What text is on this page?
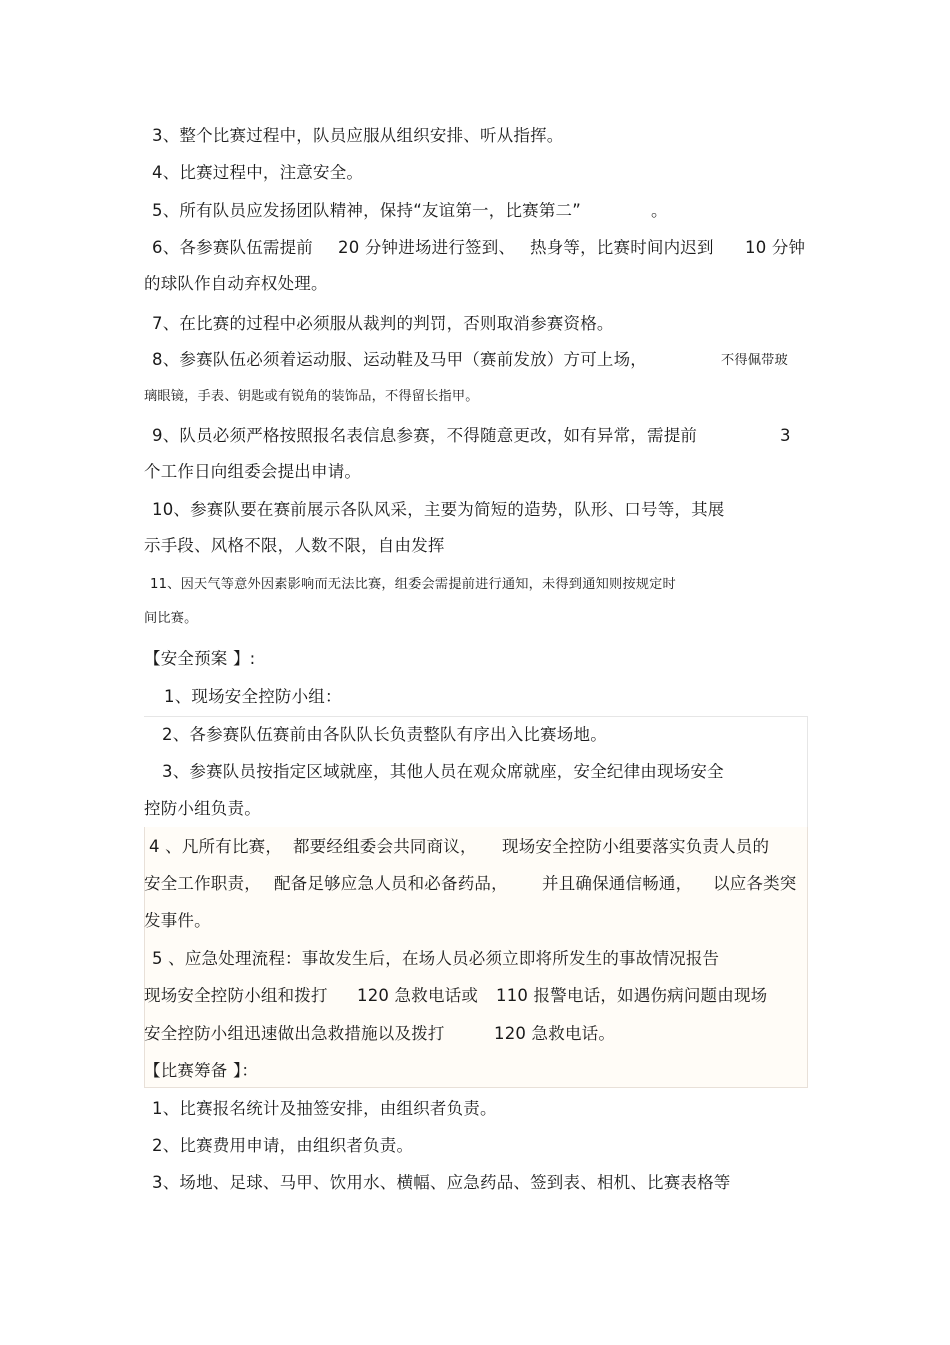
3、整个比赛过程中，队员应服从组织安排、听从指挥。
4、比赛过程中，注意安全。
5、所有队员应发扬团队精神，保持“友谊第一，比赛第二”	。
6、各参赛队伍需提前 20 分钟进场进行签到、 热身等，比赛时间内迟到 10 分钟
的球队作自动弃权处理。
7、在比赛的过程中必须服从裁判的判罚，否则取消参赛资格。
8、参赛队伍必须着运动服、运动鞋及马甲（赛前发放）方可上场，	不得佩带玻
璃眼镜，手表、钥匙或有锐角的装饰品，不得留长指甲。
9、队员必须严格按照报名表信息参赛，不得随意更改，如有异常，需提前	3
个工作日向组委会提出申请。
10、参赛队要在赛前展示各队风采，主要为简短的造势，队形、口号等，其展
示手段、风格不限，人数不限，自由发挥
11、因天气等意外因素影响而无法比赛，组委会需提前进行通知，未得到通知则按规定时
间比赛。
【安全预案 】:
1、现场安全控防小组：
2、各参赛队伍赛前由各队队长负责整队有序出入比赛场地。
3、参赛队员按指定区域就座，其他人员在观众席就座，安全纪律由现场安全
控防小组负责。
4 、凡所有比赛， 都要经组委会共同商议， 现场安全控防小组要落实负责人员的
安全工作职责， 配备足够应急人员和必备药品， 并且确保通信畅通， 以应各类突
发事件。
5 、应急处理流程：事故发生后，在场人员必须立即将所发生的事故情况报告
现场安全控防小组和拨打 120 急救电话或 110 报警电话，如遇伤病问题由现场
安全控防小组迅速做出急救措施以及拨打	120 急救电话。
【比赛筹备 】：
1、比赛报名统计及抽签安排，由组织者负责。
2、比赛费用申请，由组织者负责。
3、场地、足球、马甲、饮用水、横幅、应急药品、签到表、相机、比赛表格等
